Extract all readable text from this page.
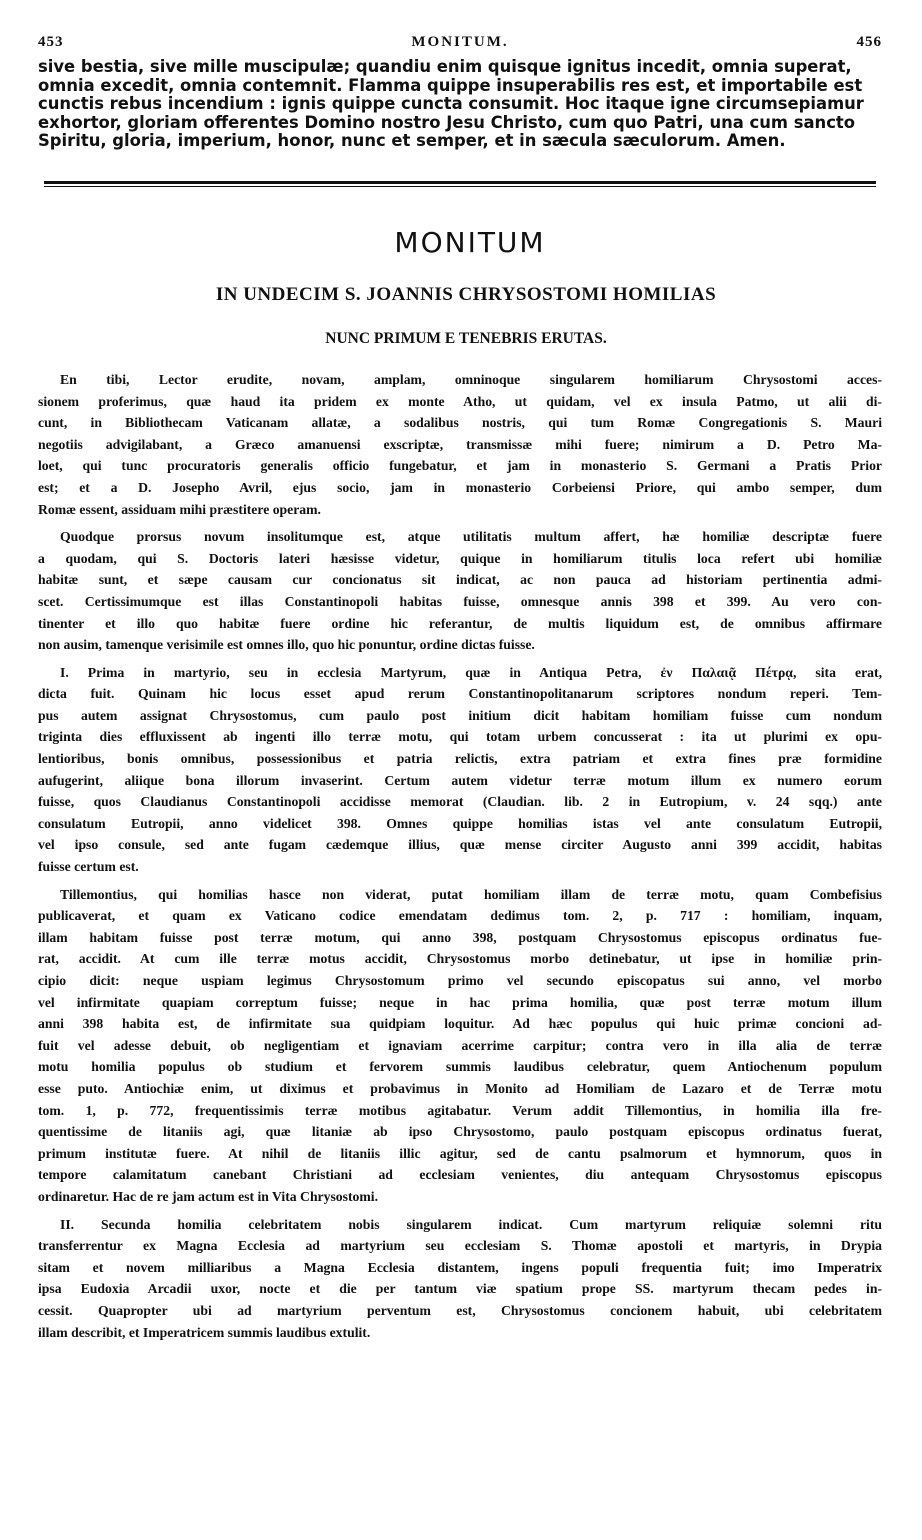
453	MONITUM.	456
sive bestia, sive mille muscipulæ; quandiu enim quisque ignitus incedit, omnia superat,
omnia excedit, omnia contemnit. Flamma quippe insuperabilis res est, et importabile est
cunctis rebus incendium : ignis quippe cuncta consumit. Hoc itaque igne circumsepiamur
exhortor, gloriam offerentes Domino nostro Jesu Christo, cum quo Patri, una cum sancto
Spiritu, gloria, imperium, honor, nunc et semper, et in sæcula sæculorum. Amen.
MONITUM
IN UNDECIM S. JOANNIS CHRYSOSTOMI HOMILIAS
NUNC PRIMUM E TENEBRIS ERUTAS.
En tibi, Lector erudite, novam, amplam, omninoque singularem homiliarum Chrysostomi acces-
sionem proferimus, quæ haud ita pridem ex monte Atho, ut quidam, vel ex insula Patmo, ut alii di-
cunt, in Bibliothecam Vaticanam allatæ, a sodalibus nostris, qui tum Romæ Congregationis S. Mauri
negotiis advigilabant, a Græco amanuensi exscriptæ, transmissæ mihi fuere; nimirum a D. Petro Ma-
loet, qui tunc procuratoris generalis officio fungebatur, et jam in monasterio S. Germani a Pratis Prior
est; et a D. Josepho Avril, ejus socio, jam in monasterio Corbeiensi Priore, qui ambo semper, dum
Romæ essent, assiduam mihi præstitere operam.
Quodque prorsus novum insolitumque est, atque utilitatis multum affert, hæ homiliæ descriptæ fuere
a quodam, qui S. Doctoris lateri hæsisse videtur, quique in homiliarum titulis loca refert ubi homiliæ
habitæ sunt, et sæpe causam cur concionatus sit indicat, ac non pauca ad historiam pertinentia admi-
scet. Certissimumque est illas Constantinopoli habitas fuisse, omnesque annis 398 et 399. Au vero con-
tinenter et illo quo habitæ fuere ordine hic referantur, de multis liquidum est, de omnibus affirmare
non ausim, tamenque verisimile est omnes illo, quo hic ponuntur, ordine dictas fuisse.
I. Prima in martyrio, seu in ecclesia Martyrum, quæ in Antiqua Petra, ἐν Παλαιᾷ Πέτρᾳ, sita erat,
dicta fuit. Quinam hic locus esset apud rerum Constantinopolitanarum scriptores nondum reperi. Tem-
pus autem assignat Chrysostomus, cum paulo post initium dicit habitam homiliam fuisse cum nondum
triginta dies effluxissent ab ingenti illo terræ motu, qui totam urbem concusserat : ita ut plurimi ex opu-
lentioribus, bonis omnibus, possessionibus et patria relictis, extra patriam et extra fines præ formidine
aufugerint, aliique bona illorum invaserint. Certum autem videtur terræ motum illum ex numero eorum
fuisse, quos Claudianus Constantinopoli accidisse memorat (Claudian. lib. 2 in Eutropium, v. 24 sqq.) ante
consulatum Eutropii, anno videlicet 398. Omnes quippe homilias istas vel ante consulatum Eutropii,
vel ipso consule, sed ante fugam cædemque illius, quæ mense circiter Augusto anni 399 accidit, habitas
fuisse certum est.
Tillemontius, qui homilias hasce non viderat, putat homiliam illam de terræ motu, quam Combefisius
publicaverat, et quam ex Vaticano codice emendatam dedimus tom. 2, p. 717 : homiliam, inquam,
illam habitam fuisse post terræ motum, qui anno 398, postquam Chrysostomus episcopus ordinatus fue-
rat, accidit. At cum ille terræ motus accidit, Chrysostomus morbo detinebatur, ut ipse in homiliæ prin-
cipio dicit: neque uspiam legimus Chrysostomum primo vel secundo episcopatus sui anno, vel morbo
vel infirmitate quapiam correptum fuisse; neque in hac prima homilia, quæ post terræ motum illum
anni 398 habita est, de infirmitate sua quidpiam loquitur. Ad hæc populus qui huic primæ concioni ad-
fuit vel adesse debuit, ob negligentiam et ignaviam acerrime carpitur; contra vero in illa alia de terræ
motu homilia populus ob studium et fervorem summis laudibus celebratur, quem Antiochenum populum
esse puto. Antiochiæ enim, ut diximus et probavimus in Monito ad Homiliam de Lazaro et de Terræ motu
tom. 1, p. 772, frequentissimis terræ motibus agitabatur. Verum addit Tillemontius, in homilia illa fre-
quentissime de litaniis agi, quæ litaniæ ab ipso Chrysostomo, paulo postquam episcopus ordinatus fuerat,
primum institutæ fuere. At nihil de litaniis illic agitur, sed de cantu psalmorum et hymnorum, quos in
tempore calamitatum canebant Christiani ad ecclesiam venientes, diu antequam Chrysostomus episcopus
ordinaretur. Hac de re jam actum est in Vita Chrysostomi.
II. Secunda homilia celebritatem nobis singularem indicat. Cum martyrum reliquiæ solemni ritu
transferrentur ex Magna Ecclesia ad martyrium seu ecclesiam S. Thomæ apostoli et martyris, in Drypia
sitam et novem milliaribus a Magna Ecclesia distantem, ingens populi frequentia fuit; imo Imperatrix
ipsa Eudoxia Arcadii uxor, nocte et die per tantum viæ spatium prope SS. martyrum thecam pedes in-
cessit. Quapropter ubi ad martyrium perventum est, Chrysostomus concionem habuit, ubi celebritatem
illam describit, et Imperatricem summis laudibus extulit.
